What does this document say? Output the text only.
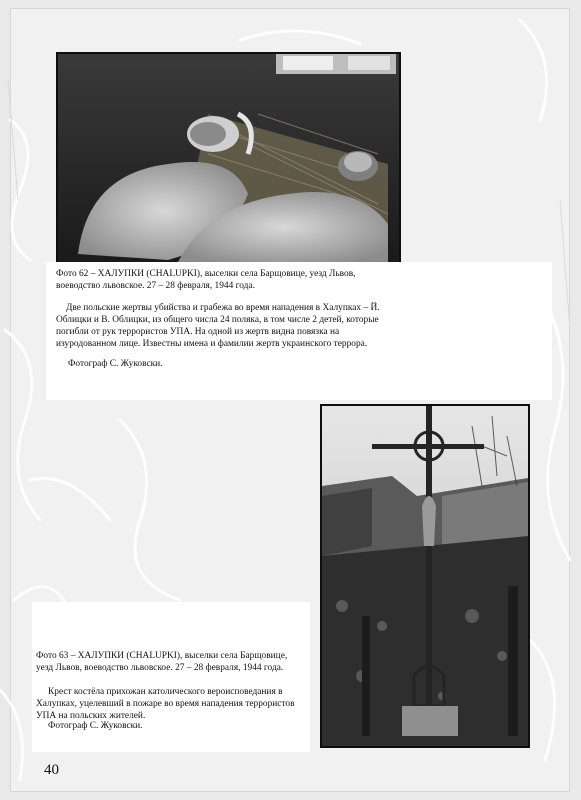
Фото 62 – ХАЛУПКИ (CHALUPKI), выселки села Барщовице, уезд Львов, воеводство львовское. 27 – 28 февраля, 1944 года.

Две польские жертвы убийства и грабежа во время нападения в Халупках – Й. Облицки и В. Облицки, из общего числа 24 поляка, в том числе 2 детей, которые погибли от рук террористов УПА. На одной из жертв видна повязка на изуродованном лице. Известны имена и фамилии жертв украинского террора.

Фотограф С. Жуковски.

Фото 63 – ХАЛУПКИ (CHALUPKI), выселки села Барщовице, уезд Львов, воеводство львовское. 27 – 28 февраля, 1944 года.

Крест костёла прихожан католического вероисповедания в Халупках, уцелевший в пожаре во время нападения террористов УПА на польских жителей.

Фотограф С. Жуковски.

40
